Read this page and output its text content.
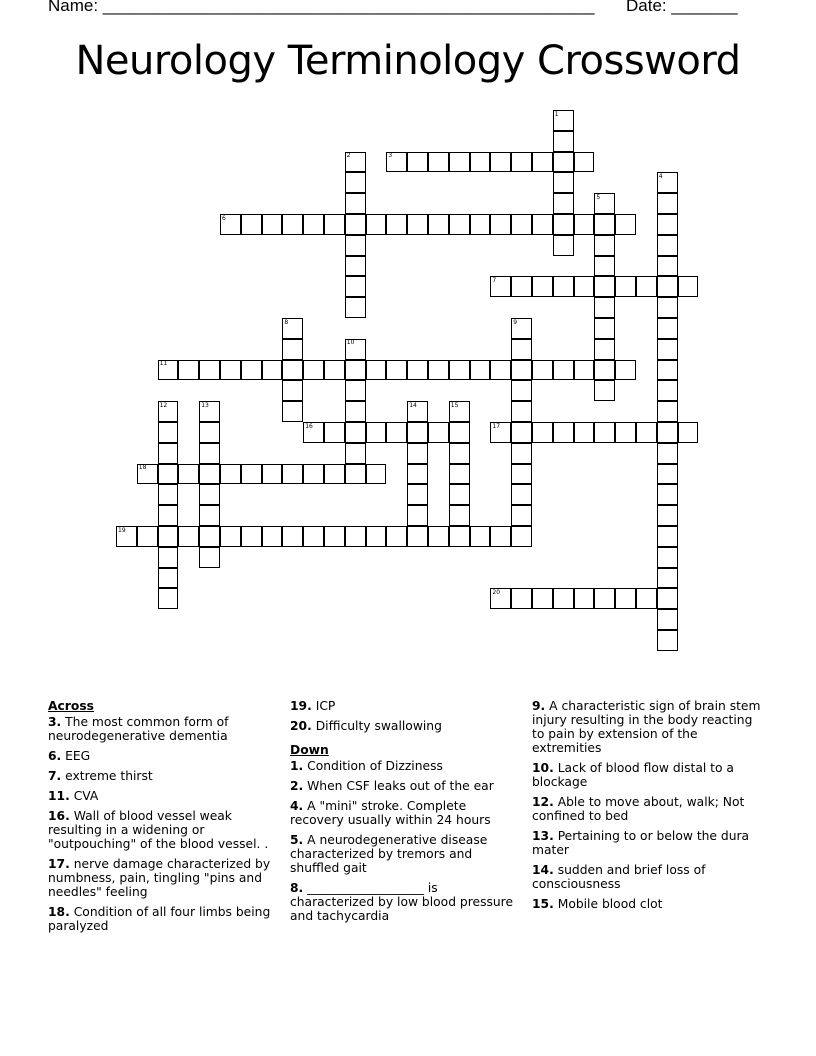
Name: ____________________________________________________ Date: _______
Neurology Terminology Crossword
1
2	3
4
5
6
7
8	9
10
11
12	13	14	15
16	17
18
19
20
Across
3. The most common form of neurodegenerative dementia
6. EEG
7. extreme thirst
11. CVA
16. Wall of blood vessel weak resulting in a widening or "outpouching" of the blood vessel. .
17. nerve damage characterized by numbness, pain, tingling "pins and needles" feeling
18. Condition of all four limbs being paralyzed
19. ICP
20. Difficulty swallowing
Down
1. Condition of Dizziness
2. When CSF leaks out of the ear
4. A "mini" stroke. Complete recovery usually within 24 hours
5. A neurodegenerative disease characterized by tremors and shuffled gait
8. ___________________ is characterized by low blood pressure and tachycardia
9. A characteristic sign of brain stem injury resulting in the body reacting to pain by extension of the extremities
10. Lack of blood flow distal to a blockage
12. Able to move about, walk; Not confined to bed
13. Pertaining to or below the dura mater
14. sudden and brief loss of consciousness
15. Mobile blood clot
